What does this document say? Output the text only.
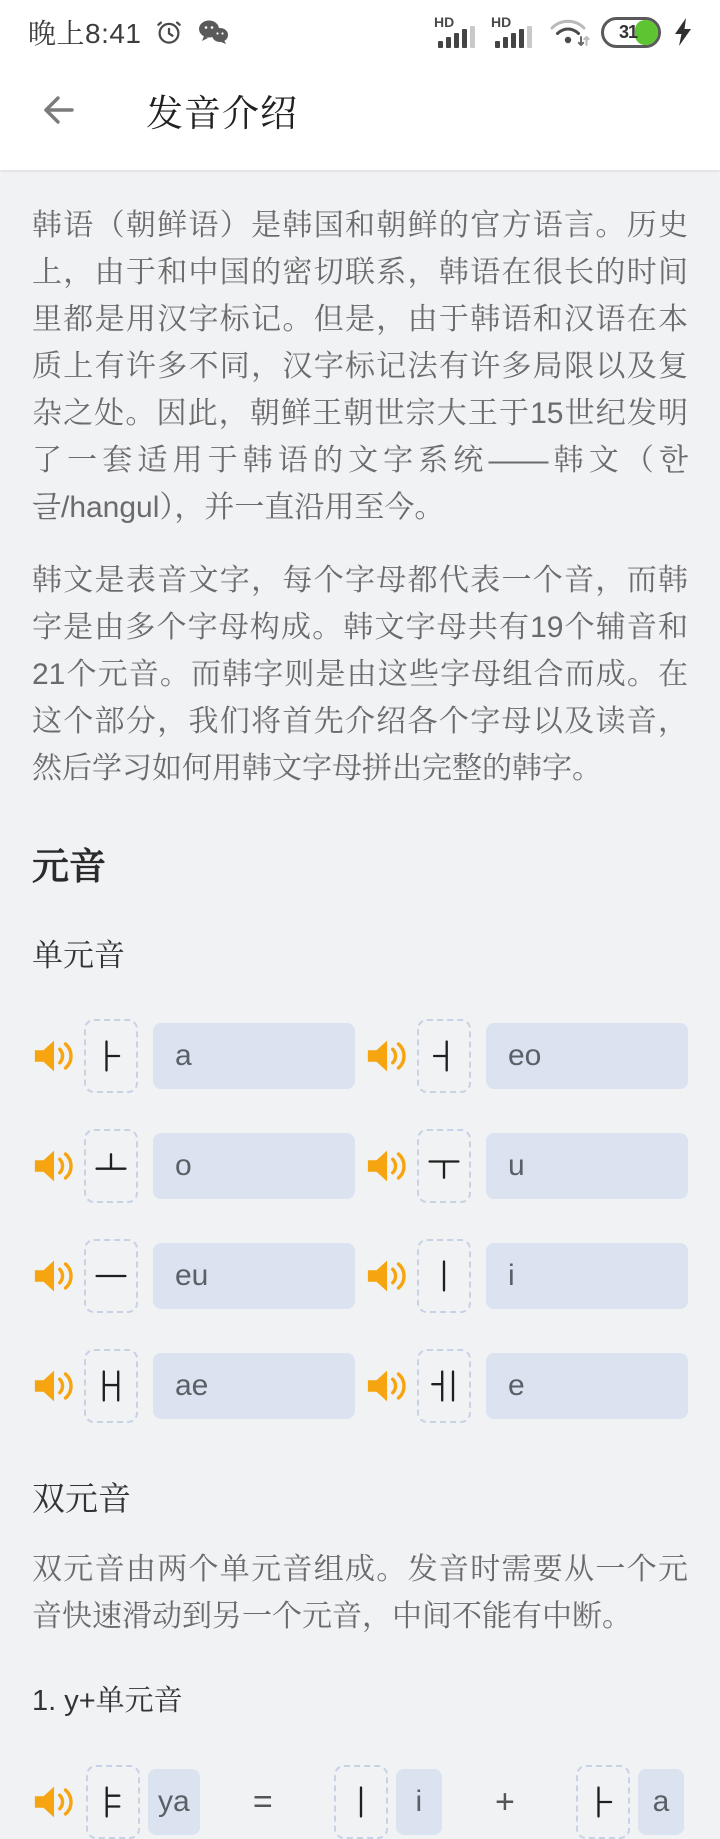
晚上8:41	HD	HD	31
发音介绍

韩语（朝鲜语）是韩国和朝鲜的官方语言。历史上，由于和中国的密切联系，韩语在很长的时间里都是用汉字标记。但是，由于韩语和汉语在本质上有许多不同，汉字标记法有许多局限以及复杂之处。因此，朝鲜王朝世宗大王于15世纪发明了一套适用于韩语的文字系统——韩文（한글/hangul），并一直沿用至今。

韩文是表音文字，每个字母都代表一个音，而韩字是由多个字母构成。韩文字母共有19个辅音和21个元音。而韩字则是由这些字母组合而成。在这个部分，我们将首先介绍各个字母以及读音，然后学习如何用韩文字母拼出完整的韩字。

元音
单元音
a	eo
o	u
eu	i
ae	e
双元音

双元音由两个单元音组成。发音时需要从一个元音快速滑动到另一个元音，中间不能有中断。

1. y+单元音
ya =	i	+	a
